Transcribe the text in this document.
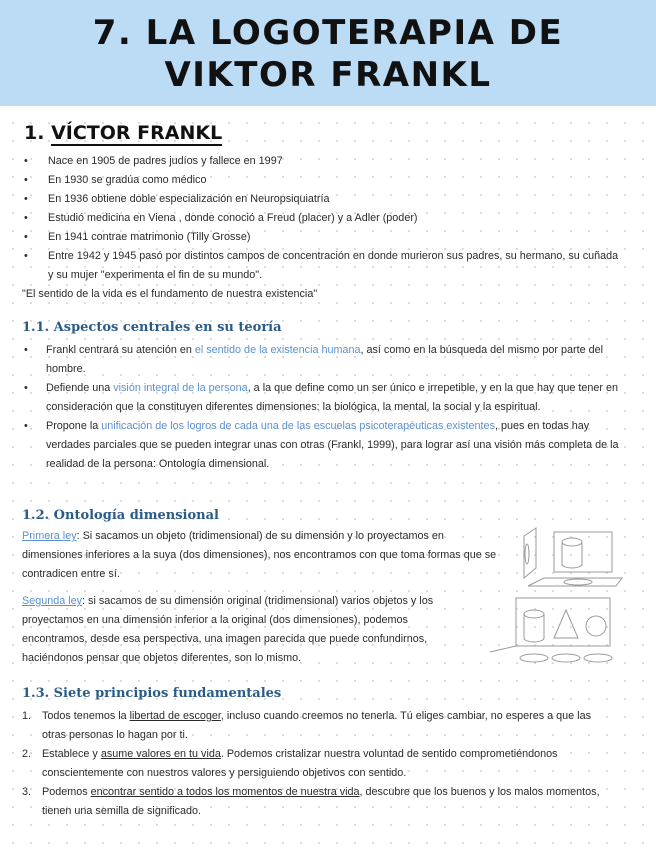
7. LA LOGOTERAPIA DE
VIKTOR FRANKL
1. VÍCTOR FRANKL
• Nace en 1905 de padres judíos y fallece en 1997
• En 1930 se gradúa como médico
• En 1936 obtiene doble especialización en Neuropsiquiatría
• Estudió medicina en Viena , donde conoció a Freud (placer) y a Adler (poder)
• En 1941 contrae matrimonio (Tilly Grosse)
• Entre 1942 y 1945 pasó por distintos campos de concentración en donde murieron sus padres, su hermano, su cuñada y su mujer "experimenta el fin de su mundo".
"El sentido de la vida es el fundamento de nuestra existencia"
1.1. Aspectos centrales en su teoría
• Frankl centrará su atención en el sentido de la existencia humana, así como en la búsqueda del mismo por parte del hombre.
• Defiende una visión integral de la persona, a la que define como un ser único e irrepetible, y en la que hay que tener en consideración que la constituyen diferentes dimensiones: la biológica, la mental, la social y la espiritual.
• Propone la unificación de los logros de cada una de las escuelas psicoterapéuticas existentes, pues en todas hay verdades parciales que se pueden integrar unas con otras (Frankl, 1999), para lograr así una visión más completa de la realidad de la persona: Ontología dimensional.
1.2. Ontología dimensional

Primera ley: Si sacamos un objeto (tridimensional) de su dimensión y lo proyectamos en dimensiones inferiores a la suya (dos dimensiones), nos encontramos con que toma formas que se contradicen entre sí.

Segunda ley: si sacamos de su dimensión original (tridimensional) varios objetos y los proyectamos en una dimensión inferior a la original (dos dimensiones), podemos encontramos, desde esa perspectiva, una imagen parecida que puede confundirnos, haciéndonos pensar que objetos diferentes, son lo mismo.

1.3. Siete principios fundamentales
1. Todos tenemos la libertad de escoger, incluso cuando creemos no tenerla. Tú eliges cambiar, no esperes a que las otras personas lo hagan por ti.
2. Establece y asume valores en tu vida. Podemos cristalizar nuestra voluntad de sentido comprometiéndonos conscientemente con nuestros valores y persiguiendo objetivos con sentido.
3. Podemos encontrar sentido a todos los momentos de nuestra vida, descubre que los buenos y los malos momentos, tienen una semilla de significado.
